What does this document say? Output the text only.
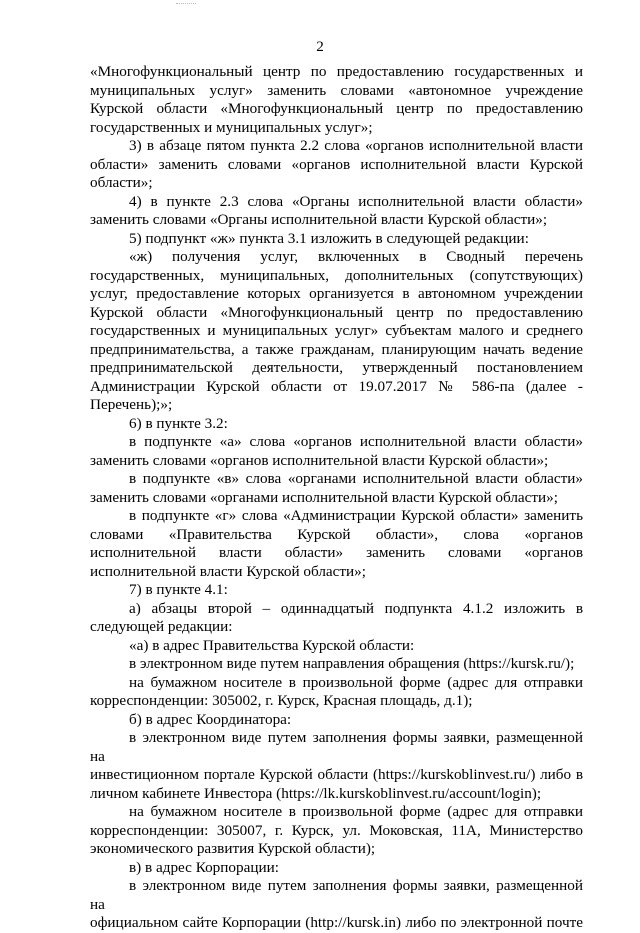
2
«Многофункциональный центр по предоставлению государственных и
муниципальных услуг» заменить словами «автономное учреждение
Курской области «Многофункциональный центр по предоставлению
государственных и муниципальных услуг»;
3) в абзаце пятом пункта 2.2 слова «органов исполнительной власти
области» заменить словами «органов исполнительной власти Курской
области»;
4) в пункте 2.3 слова «Органы исполнительной власти области»
заменить словами «Органы исполнительной власти Курской области»;
5) подпункт «ж» пункта 3.1 изложить в следующей редакции:
«ж) получения услуг, включенных в Сводный перечень
государственных, муниципальных, дополнительных (сопутствующих)
услуг, предоставление которых организуется в автономном учреждении
Курской области «Многофункциональный центр по предоставлению
государственных и муниципальных услуг» субъектам малого и среднего
предпринимательства, а также гражданам, планирующим начать ведение
предпринимательской деятельности, утвержденный постановлением
Администрации Курской области от 19.07.2017 № 586-па (далее -
Перечень);»;
6) в пункте 3.2:
в подпункте «а» слова «органов исполнительной власти области»
заменить словами «органов исполнительной власти Курской области»;
в подпункте «в» слова «органами исполнительной власти области»
заменить словами «органами исполнительной власти Курской области»;
в подпункте «г» слова «Администрации Курской области» заменить
словами «Правительства Курской области», слова «органов
исполнительной власти области» заменить словами «органов
исполнительной власти Курской области»;
7) в пункте 4.1:
а) абзацы второй – одиннадцатый подпункта 4.1.2 изложить в
следующей редакции:
«а) в адрес Правительства Курской области:
в электронном виде путем направления обращения (https://kursk.ru/);
на бумажном носителе в произвольной форме (адрес для отправки
корреспонденции: 305002, г. Курск, Красная площадь, д.1);
б) в адрес Координатора:
в электронном виде путем заполнения формы заявки, размещенной на
инвестиционном портале Курской области (https://kurskoblinvest.ru/) либо в
личном кабинете Инвестора (https://lk.kurskoblinvest.ru/account/login);
на бумажном носителе в произвольной форме (адрес для отправки
корреспонденции: 305007, г. Курск, ул. Моковская, 11А, Министерство
экономического развития Курской области);
в) в адрес Корпорации:
в электронном виде путем заполнения формы заявки, размещенной на
официальном сайте Корпорации (http://kursk.in) либо по электронной почте
